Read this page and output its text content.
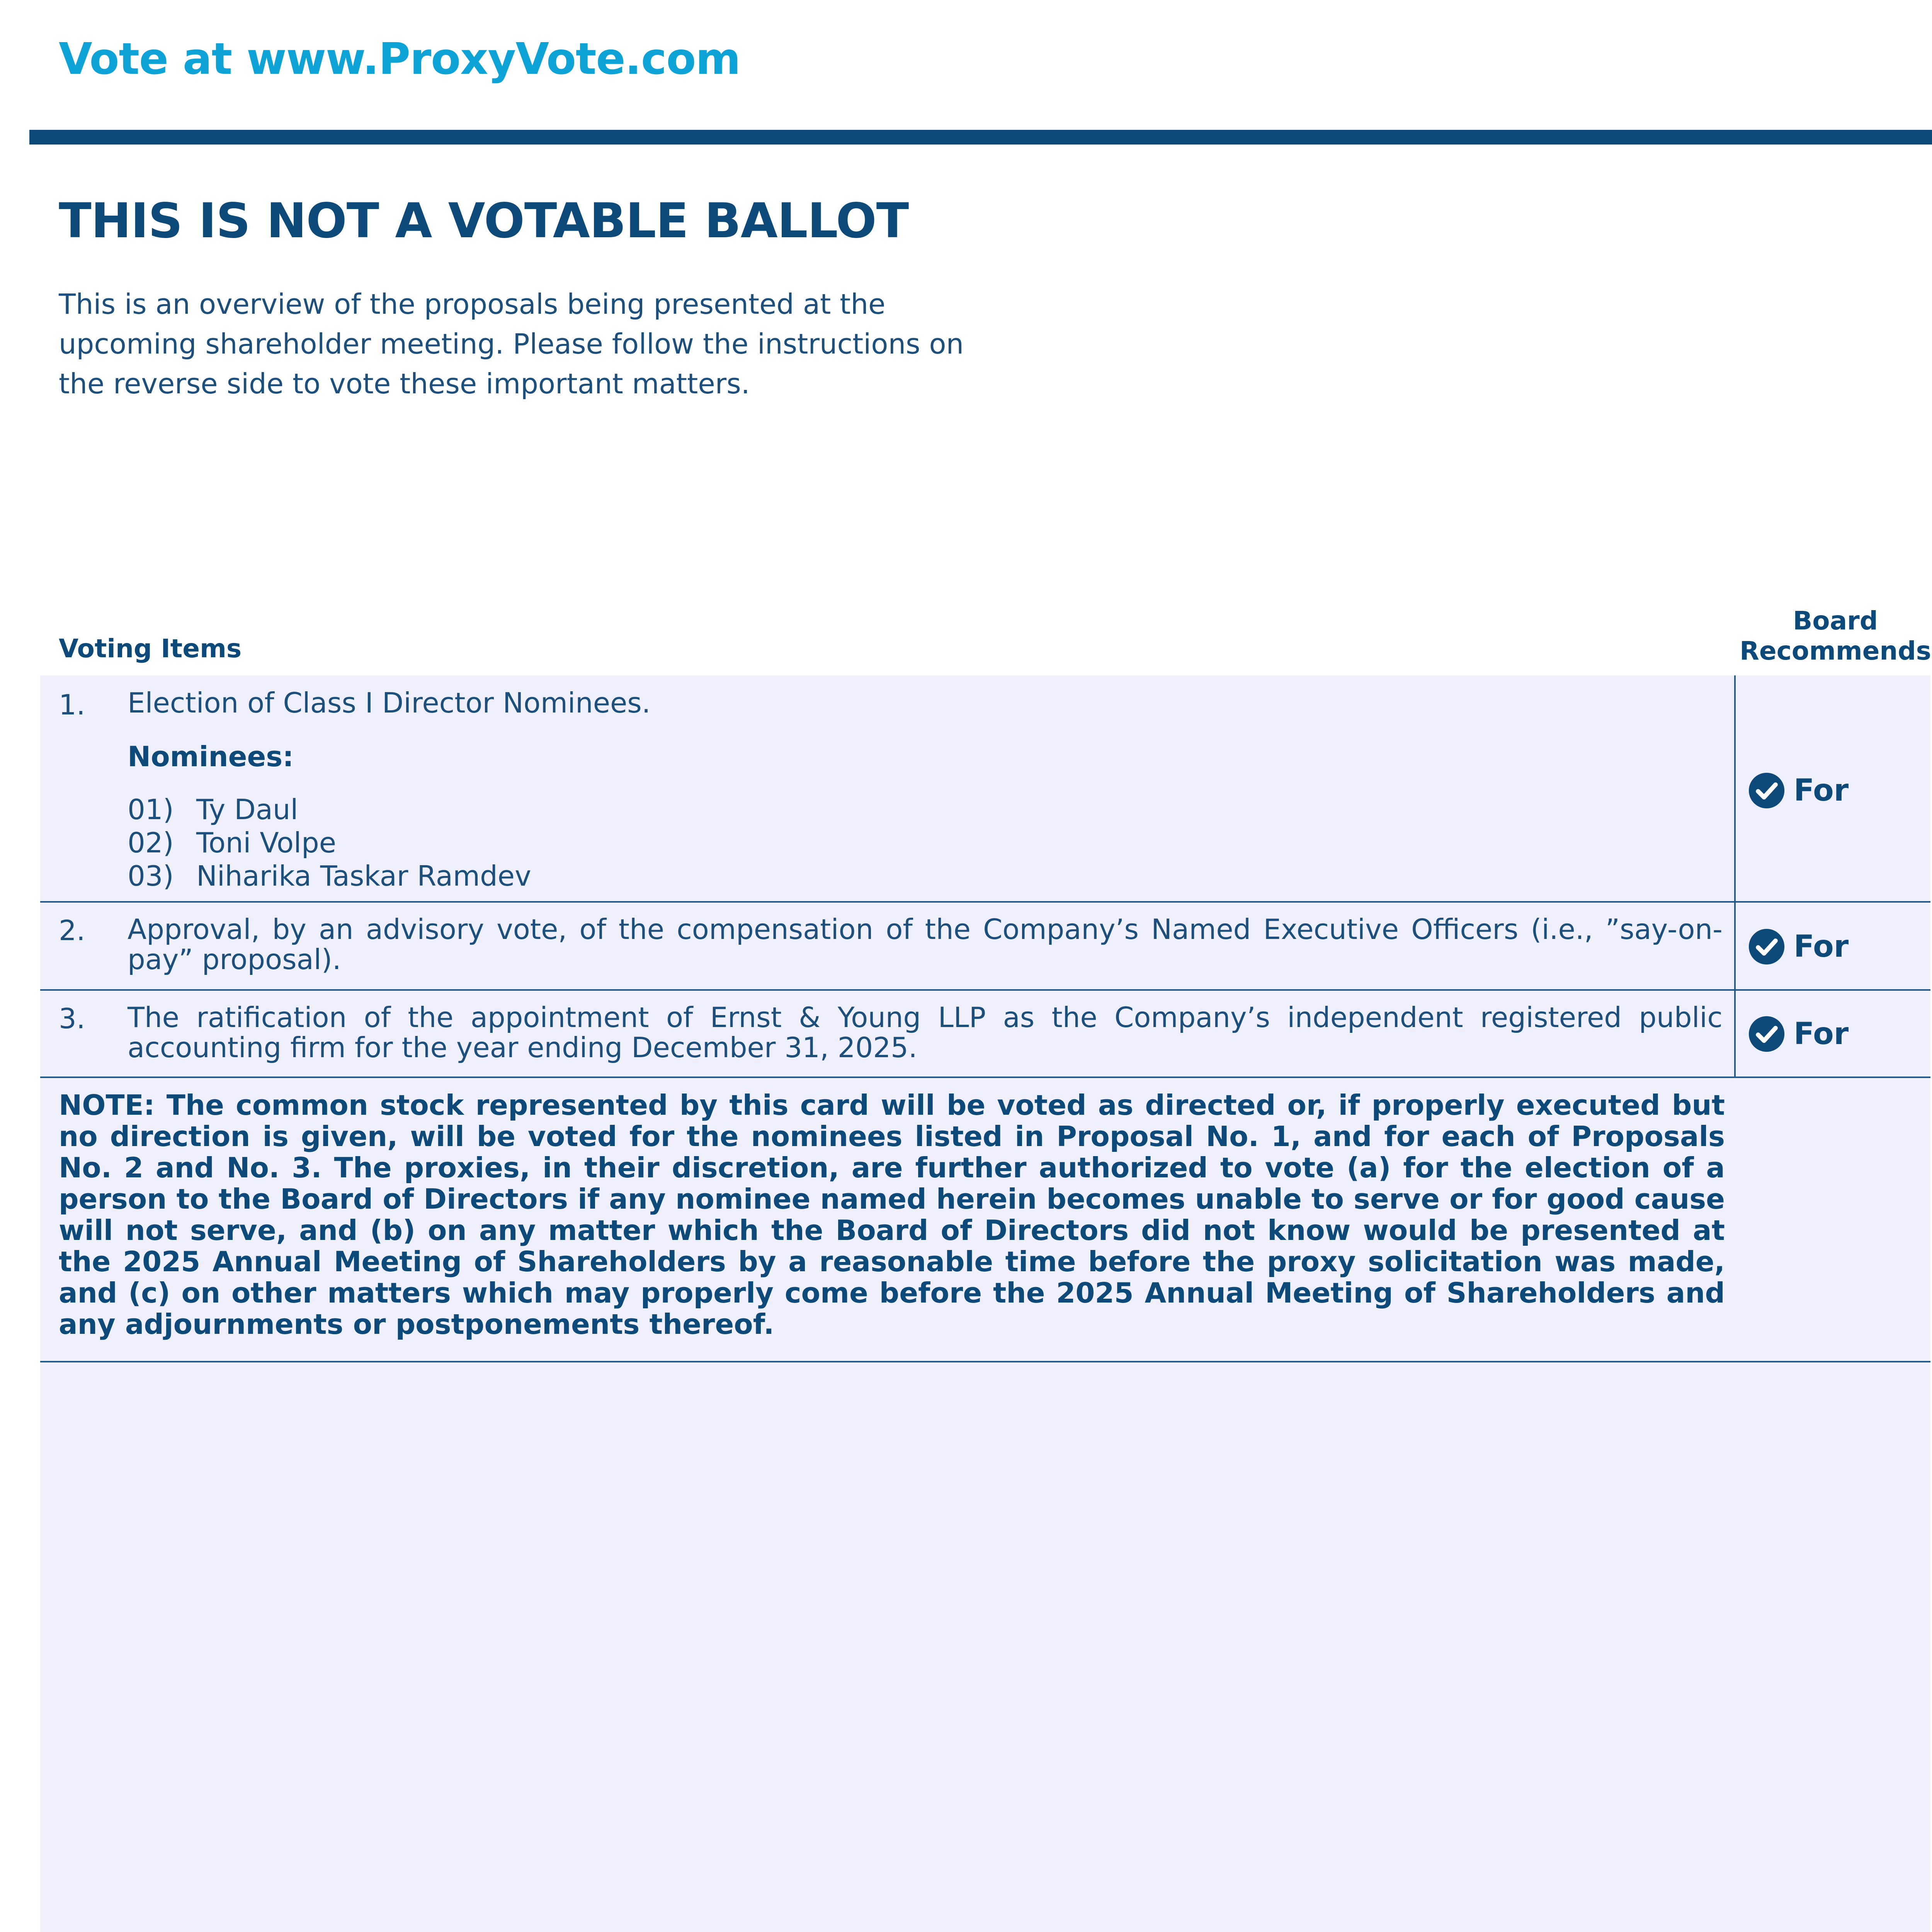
Vote at www.ProxyVote.com
THIS IS NOT A VOTABLE BALLOT
This is an overview of the proposals being presented at the upcoming shareholder meeting. Please follow the instructions on the reverse side to vote these important matters.
Voting Items
Board
Recommends
1. Election of Class I Director Nominees.
Nominees:
01) Ty Daul
02) Toni Volpe
03) Niharika Taskar Ramdev
For
2. Approval, by an advisory vote, of the compensation of the Company’s Named Executive Officers (i.e., ”say-on-pay” proposal).	For
3. The ratification of the appointment of Ernst & Young LLP as the Company’s independent registered public accounting firm for the year ending December 31, 2025.	For
NOTE: The common stock represented by this card will be voted as directed or, if properly executed but no direction is given, will be voted for the nominees listed in Proposal No. 1, and for each of Proposals No. 2 and No. 3. The proxies, in their discretion, are further authorized to vote (a) for the election of a person to the Board of Directors if any nominee named herein becomes unable to serve or for good cause will not serve, and (b) on any matter which the Board of Directors did not know would be presented at the 2025 Annual Meeting of Shareholders by a reasonable time before the proxy solicitation was made, and (c) on other matters which may properly come before the 2025 Annual Meeting of Shareholders and any adjournments or postponements thereof.
